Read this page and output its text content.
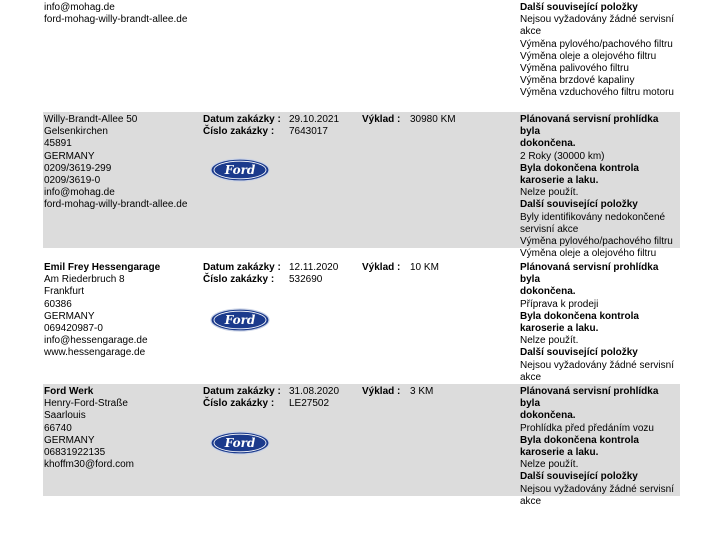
info@mohag.de
ford-mohag-willy-brandt-allee.de
Další související položky
Nejsou vyžadovány žádné servisní
akce
Výměna pylového/pachového filtru
Výměna oleje a olejového filtru
Výměna palivového filtru
Výměna brzdové kapaliny
Výměna vzduchového filtru motoru
Willy-Brandt-Allee 50
Gelsenkirchen
45891
GERMANY
0209/3619-299
0209/3619-0
info@mohag.de
ford-mohag-willy-brandt-allee.de
Datum zakázky : 29.10.2021
Číslo zakázky :	7643017
Ford
Výklad : 30980 KM	Plánovaná servisní prohlídka byla
dokončena.
2 Roky (30000 km)
Byla dokončena kontrola
karoserie a laku.
Nelze použít.
Další související položky
Byly identifikovány nedokončené
servisní akce
Výměna pylového/pachového filtru
Výměna oleje a olejového filtru
Emil Frey Hessengarage
Am Riederbruch 8
Frankfurt
60386
GERMANY
069420987-0
info@hessengarage.de
www.hessengarage.de
Datum zakázky : 12.11.2020
Číslo zakázky :	532690
Ford
Výklad : 10 KM	Plánovaná servisní prohlídka byla
dokončena.
Příprava k prodeji
Byla dokončena kontrola
karoserie a laku.
Nelze použít.
Další související položky
Nejsou vyžadovány žádné servisní
akce
Ford Werk
Henry-Ford-Straße
Saarlouis
66740
GERMANY
06831922135
khoffm30@ford.com
Datum zakázky : 31.08.2020
Číslo zakázky :	LE27502
Ford
Výklad : 3 KM	Plánovaná servisní prohlídka byla
dokončena.
Prohlídka před předáním vozu
Byla dokončena kontrola
karoserie a laku.
Nelze použít.
Další související položky
Nejsou vyžadovány žádné servisní
akce
